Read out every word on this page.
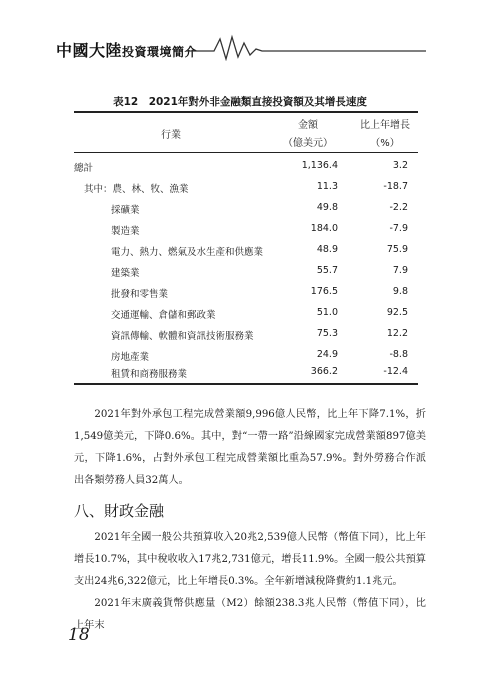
中國大陸投資環境簡介
表12　2021年對外非金融類直接投資額及其增長速度
行業
金額
（億美元）
比上年增長
（%）
總計	1,136.4	3.2
其中：農、林、牧、漁業	11.3	-18.7
採礦業	49.8	-2.2
製造業	184.0	-7.9
電力、熱力、燃氣及水生產和供應業	48.9	75.9
建築業	55.7	7.9
批發和零售業	176.5	9.8
交通運輸、倉儲和郵政業	51.0	92.5
資訊傳輸、軟體和資訊技術服務業	75.3	12.2
房地產業	24.9	-8.8
租賃和商務服務業	366.2	-12.4

2021年對外承包工程完成營業額9,996億人民幣，比上年下降7.1%，折1,549億美元，下降0.6%。其中，對“一帶一路”沿線國家完成營業額897億美元，下降1.6%，占對外承包工程完成營業額比重為57.9%。對外勞務合作派出各類勞務人員32萬人。

八、財政金融

2021年全國一般公共預算收入20兆2,539億人民幣（幣值下同），比上年增長10.7%，其中稅收收入17兆2,731億元，增長11.9%。全國一般公共預算支出24兆6,322億元，比上年增長0.3%。全年新增減稅降費約1.1兆元。

2021年末廣義貨幣供應量（M2）餘額238.3兆人民幣（幣值下同），比上年末

18
